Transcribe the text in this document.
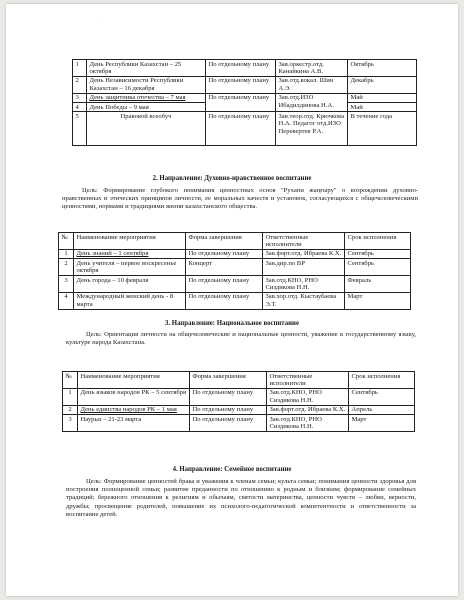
'
1	День Республики Казахстан – 25 октября	По отдельному плану	Зав.оркестр.отд. Канайкина А.В.	Октябрь
2	День Независимости Республики Казахстан – 16 декабря	По отдельному плану	Зав.отд.вокал. Шин А.Э.	Декабрь
3	День защитника отечества – 7 мая	По отдельному плану	Зав.отд.ИЗО Ибадилдинова Н.А.	Май
4	День Победы – 9 мая			Май
5	Правовой всеобуч	По отдельному плану	Зав.теор.отд. Крючкова Н.А. Педагог отд.ИЗО Перевертев Р.А.	В течение года
2. Направление: Духовно-нравственное воспитание
Цель: Формирование глубокого понимания ценностных основ "Рухани жаңғыру" о возрождении духовно-нравственных и этических принципов личности, ее моральных качеств и установок, согласующихся с общечеловеческими ценностями, нормами и традициями жизни казахстанского общества.
№	Наименование мероприятия	Форма завершения	Ответственные исполнители	Срок исполнения
1	День знаний – 1 сентября	По отдельному плану	Зав.форт.отд. Ибраева К.Х.	Сентябрь
2	День учителя – первое воскресенье октября	Концерт	Зав.дир.по ВР	Сентябрь
3	День города – 10 февраля	По отдельному плану	Зав.отд.КНО, РНО Сиздикова Н.Н.	Февраль
4	Международный женский день - 8 марта	По отдельному плану	Зав.хор.отд. Кыстаубаева Э.Т.	Март
3. Направление: Национальное воспитание
Цель: Ориентация личности на общечеловеческие и национальные ценности, уважение к государственному языку, культуре народа Казахстана.
№	Наименование мероприятия	Форма завершения	Ответственные исполнители	Срок исполнения
1	День языков народов РК – 5 сентября	По отдельному плану	Зав.отд.КНО, РНО Сиздикова Н.Н.	Сентябрь
2	День единства народов РК – 1 мая	По отдельному плану	Зав.форт.отд. Ибраева К.Х.	Апрель
3	Наурыз – 21-23 марта	По отдельному плану	Зав.отд.КНО, РНО Сиздикова Н.Н.	Март
4. Направление: Семейное воспитание
Цель: Формирование ценностей брака и уважения к членам семьи; культа семьи; понимания ценности здоровья для построения полноценной семьи; развитие преданности по отношению к родным и близким; формирование семейных традиций; бережного отношения к религиям и обычаям, святости материнства, ценности чувств – любви, верности, дружбы; просвещение родителей, повышение их психолого-педагогической компетентности и ответственности за воспитание детей.
